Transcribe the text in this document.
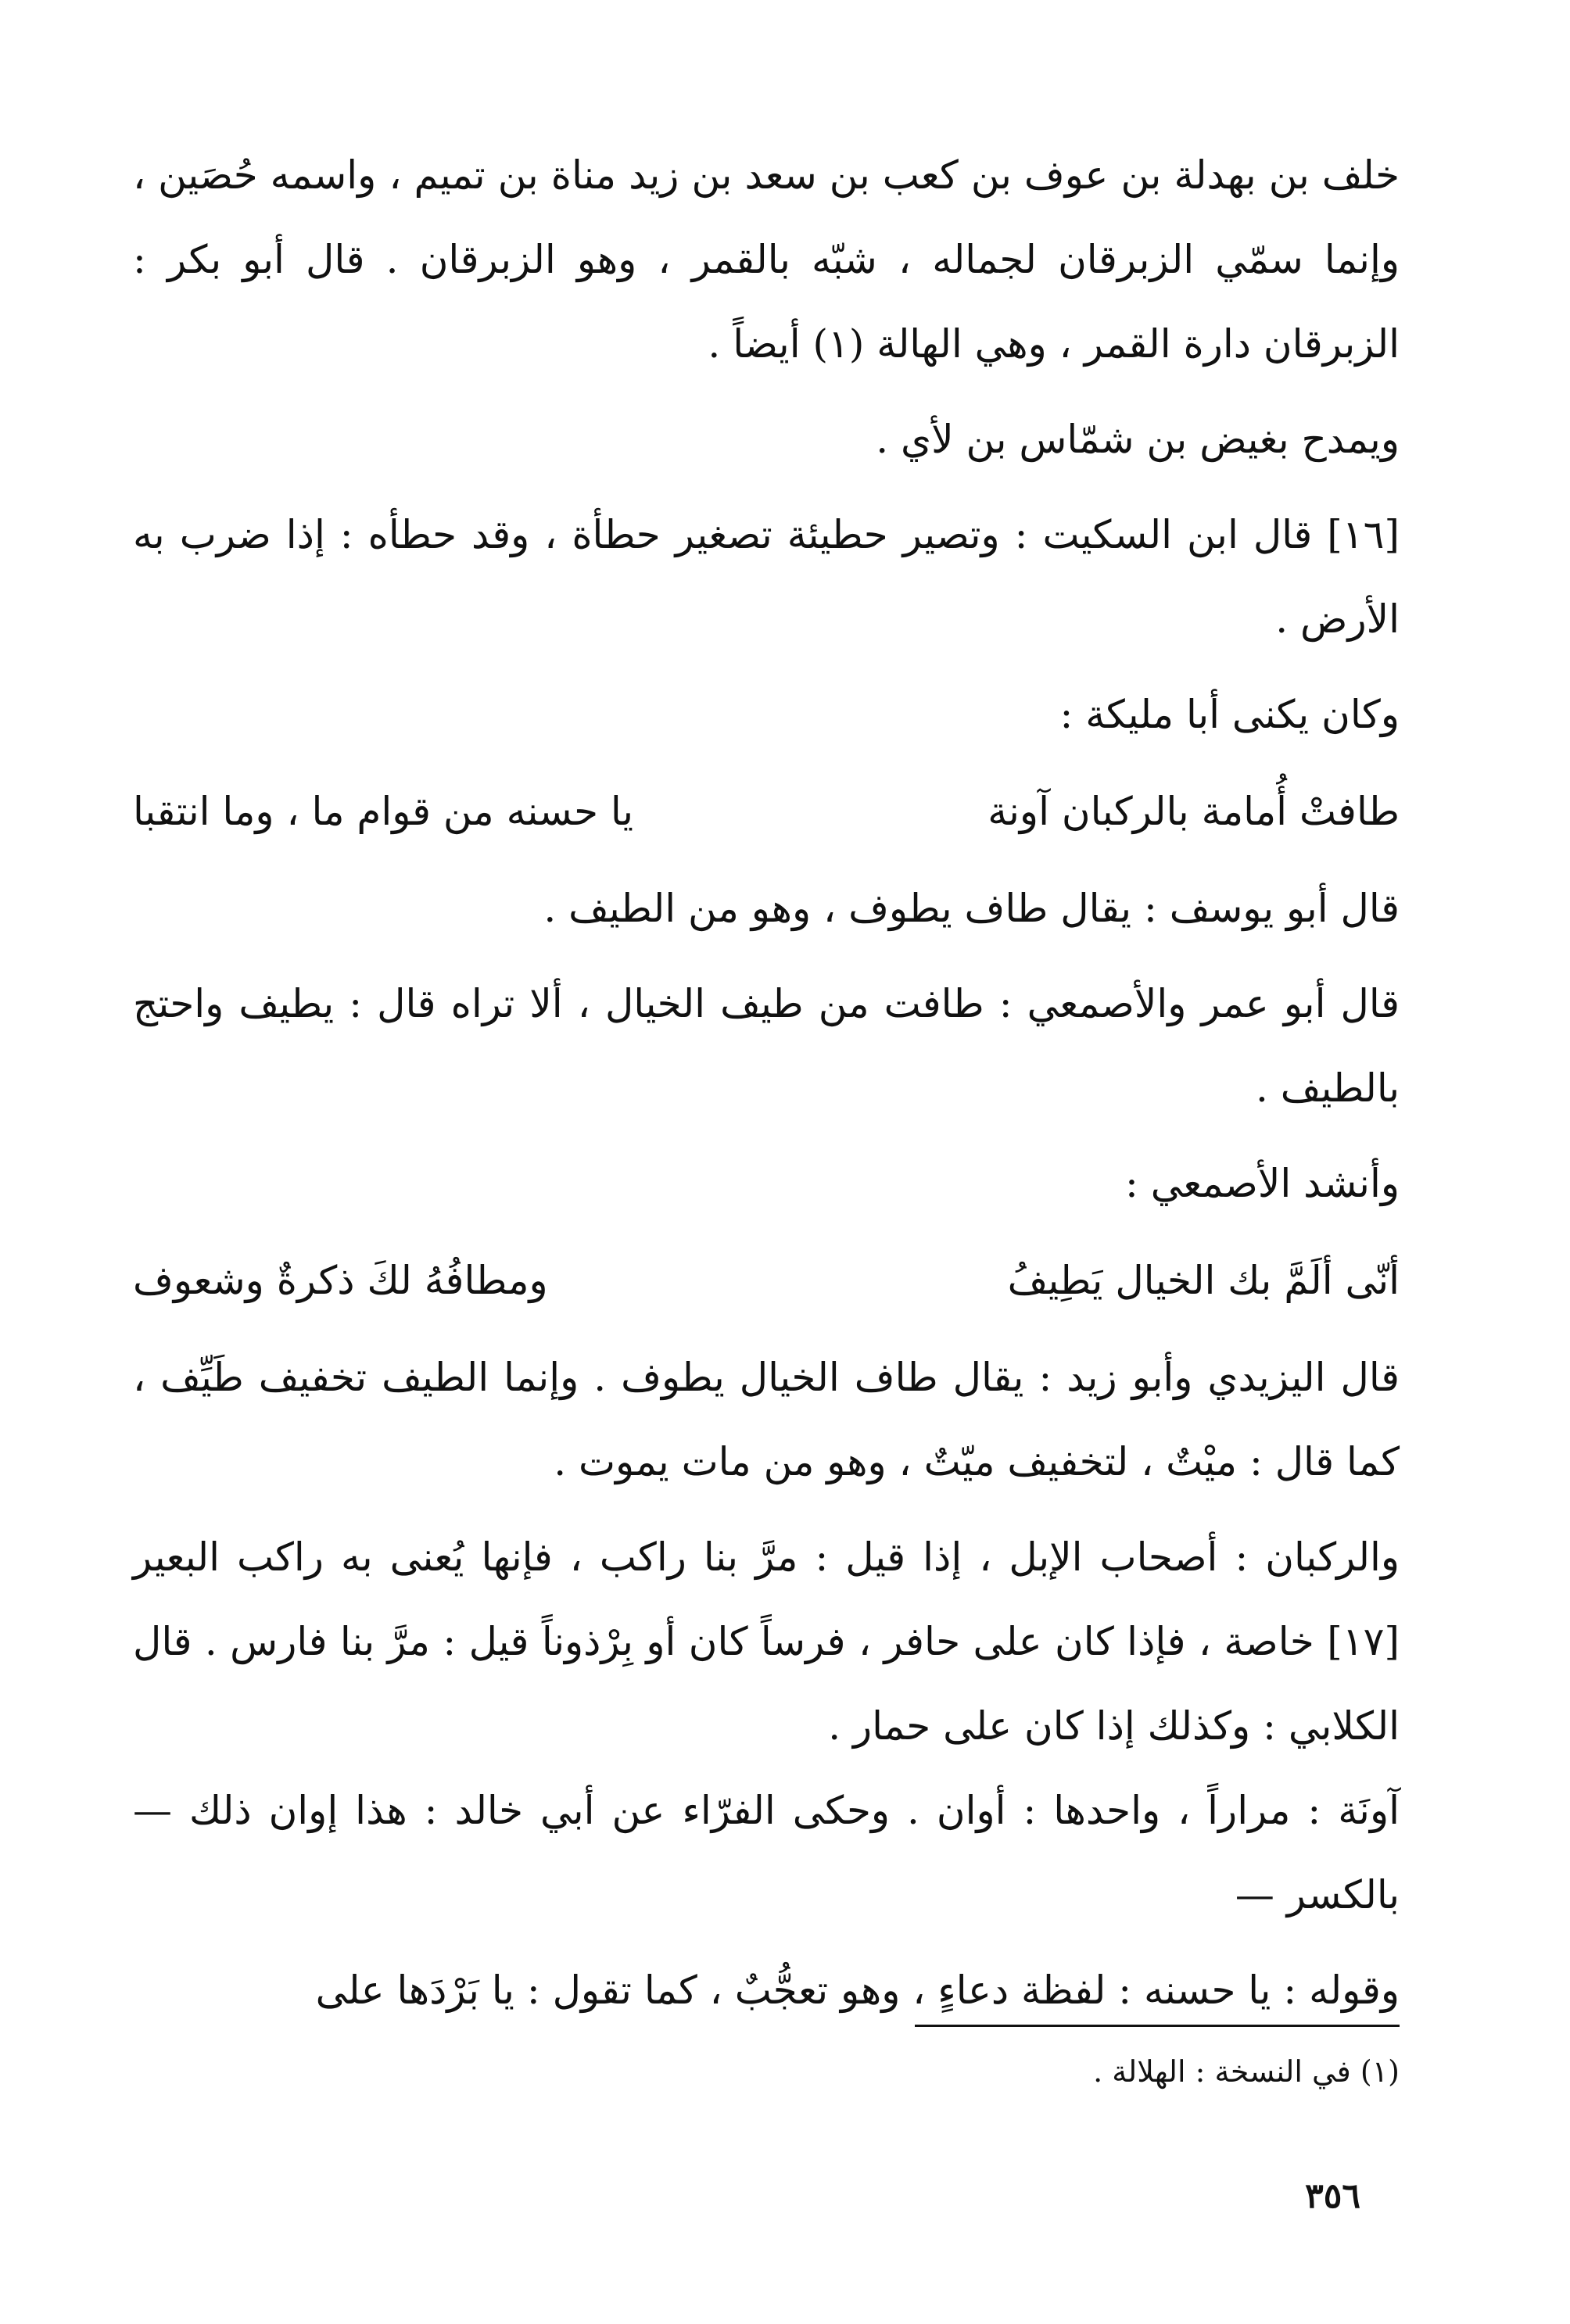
خلف بن بهدلة بن عوف بن كعب بن سعد بن زيد مناة بن تميم ، واسمه حُصَين ، وإنما سمّي الزبرقان لجماله ، شبّه بالقمر ، وهو الزبرقان . قال أبو بكر : الزبرقان دارة القمر ، وهي الهالة (١) أيضاً .

ويمدح بغيض بن شمّاس بن لأي .

[١٦] قال ابن السكيت : وتصير حطيئة تصغير حطأة ، وقد حطأه : إذا ضرب به الأرض .

وكان يكنى أبا مليكة :

طافتْ أُمامة بالركبان آونة
يا حسنه من قوام ما ، وما انتقبا

قال أبو يوسف : يقال طاف يطوف ، وهو من الطيف .

قال أبو عمر والأصمعي : طافت من طيف الخيال ، ألا تراه قال : يطيف واحتج بالطيف .

وأنشد الأصمعي :

أنّى ألَمَّ بك الخيال يَطِيفُ
ومطافُهُ لكَ ذكرةٌ وشعوف

قال اليزيدي وأبو زيد : يقال طاف الخيال يطوف . وإنما الطيف تخفيف طَيِّف ، كما قال : ميْتٌ ، لتخفيف ميّتٌ ، وهو من مات يموت .

والركبان : أصحاب الإبل ، إذا قيل : مرَّ بنا راكب ، فإنها يُعنى به راكب البعير [١٧] خاصة ، فإذا كان على حافر ، فرساً كان أو بِرْذوناً قيل : مرَّ بنا فارس . قال الكلابي : وكذلك إذا كان على حمار .

آونَة : مراراً ، واحدها : أوان . وحكى الفرّاء عن أبي خالد : هذا إوان ذلك — بالكسر —

وقوله : يا حسنه : لفظة دعاءٍ ، وهو تعجُّبٌ ، كما تقول : يا بَرْدَها على

(١) في النسخة : الهلالة .
٣٥٦
